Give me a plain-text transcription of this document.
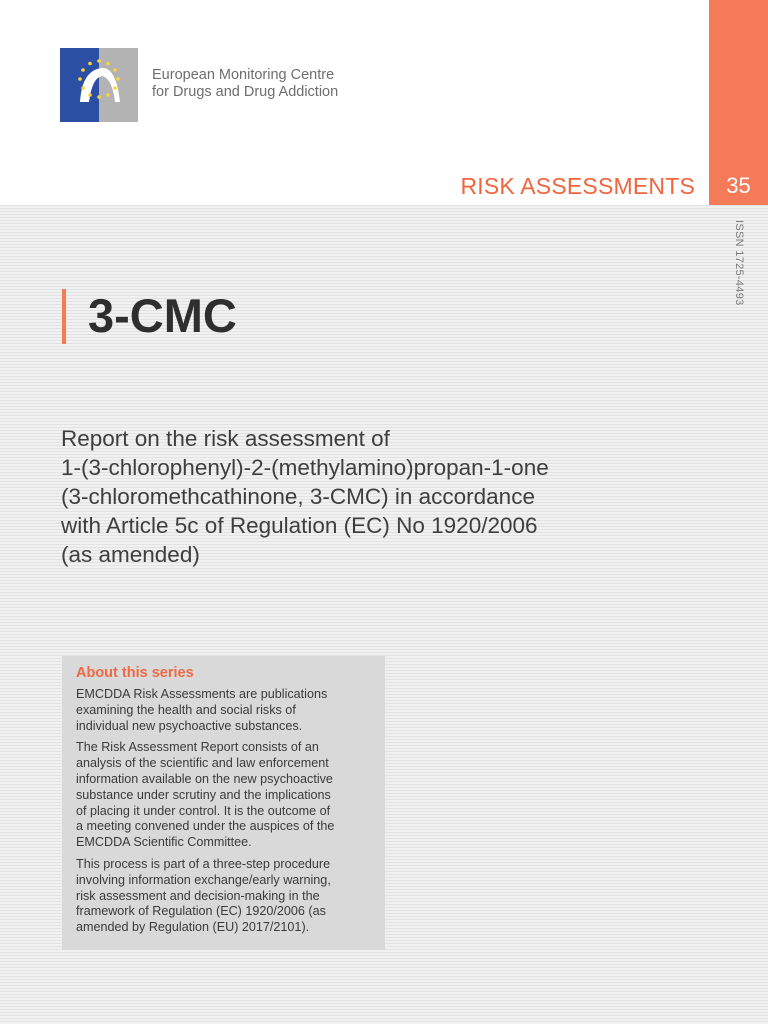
European Monitoring Centre
for Drugs and Drug Addiction
35
RISK ASSESSMENTS
ISSN 1725-4493
3-CMC
Report on the risk assessment of
1-(3-chlorophenyl)-2-(methylamino)propan-1-one
(3-chloromethcathinone, 3-CMC) in accordance
with Article 5c of Regulation (EC) No 1920/2006
(as amended)
About this series
EMCDDA Risk Assessments are publications
examining the health and social risks of
individual new psychoactive substances.
The Risk Assessment Report consists of an
analysis of the scientific and law enforcement
information available on the new psychoactive
substance under scrutiny and the implications
of placing it under control. It is the outcome of
a meeting convened under the auspices of the
EMCDDA Scientific Committee.
This process is part of a three-step procedure
involving information exchange/early warning,
risk assessment and decision-making in the
framework of Regulation (EC) 1920/2006 (as
amended by Regulation (EU) 2017/2101).
